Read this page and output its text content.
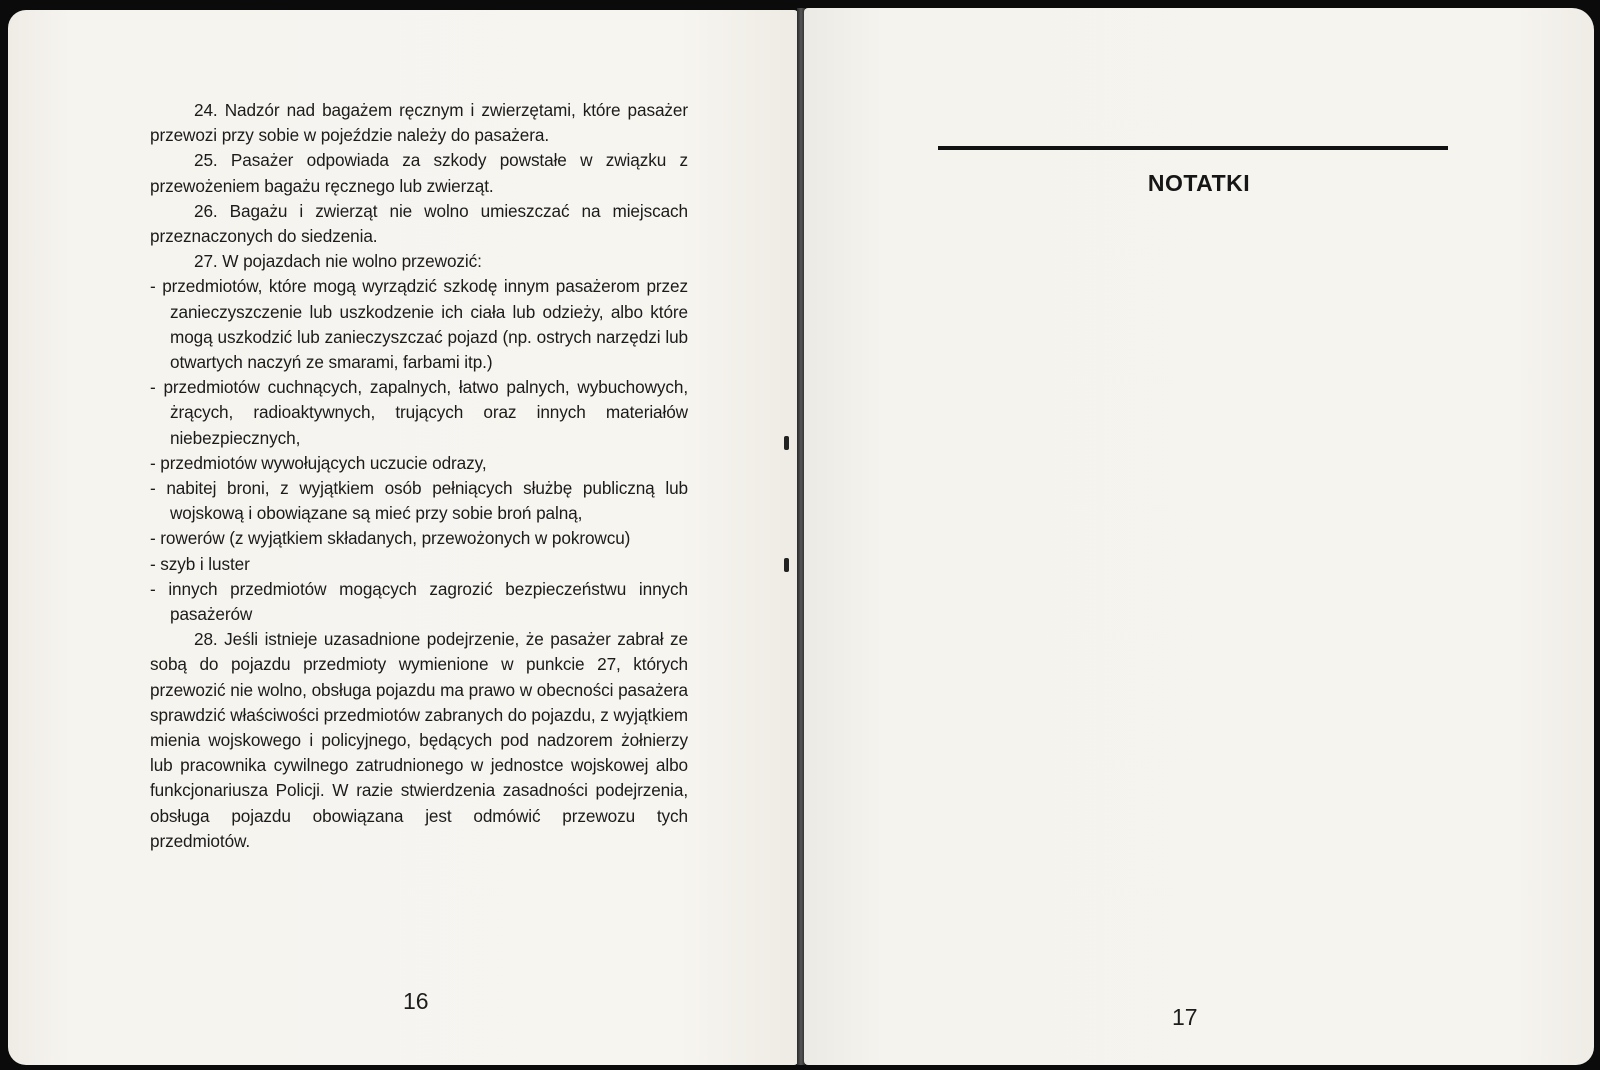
24. Nadzór nad bagażem ręcznym i zwierzętami, które pasażer przewozi przy sobie w pojeździe należy do pasażera.

25. Pasażer odpowiada za szkody powstałe w związku z przewożeniem bagażu ręcznego lub zwierząt.

26. Bagażu i zwierząt nie wolno umieszczać na miejscach przeznaczonych do siedzenia.

27. W pojazdach nie wolno przewozić:

- przedmiotów, które mogą wyrządzić szkodę innym pasażerom przez zanieczyszczenie lub uszkodzenie ich ciała lub odzieży, albo które mogą uszkodzić lub zanieczyszczać pojazd (np. ostrych narzędzi lub otwartych naczyń ze smarami, farbami itp.)

- przedmiotów cuchnących, zapalnych, łatwo palnych, wybuchowych, żrących, radioaktywnych, trujących oraz innych materiałów niebezpiecznych,

- przedmiotów wywołujących uczucie odrazy,

- nabitej broni, z wyjątkiem osób pełniących służbę publiczną lub wojskową i obowiązane są mieć przy sobie broń palną,

- rowerów (z wyjątkiem składanych, przewożonych w pokrowcu)

- szyb i luster

- innych przedmiotów mogących zagrozić bezpieczeństwu innych pasażerów

28. Jeśli istnieje uzasadnione podejrzenie, że pasażer zabrał ze sobą do pojazdu przedmioty wymienione w punkcie 27, których przewozić nie wolno, obsługa pojazdu ma prawo w obecności pasażera sprawdzić właściwości przedmiotów zabranych do pojazdu, z wyjątkiem mienia wojskowego i policyjnego, będących pod nadzorem żołnierzy lub pracownika cywilnego zatrudnionego w jednostce wojskowej albo funkcjonariusza Policji. W razie stwierdzenia zasadności podejrzenia, obsługa pojazdu obowiązana jest odmówić przewozu tych przedmiotów.

16
NOTATKI
17
